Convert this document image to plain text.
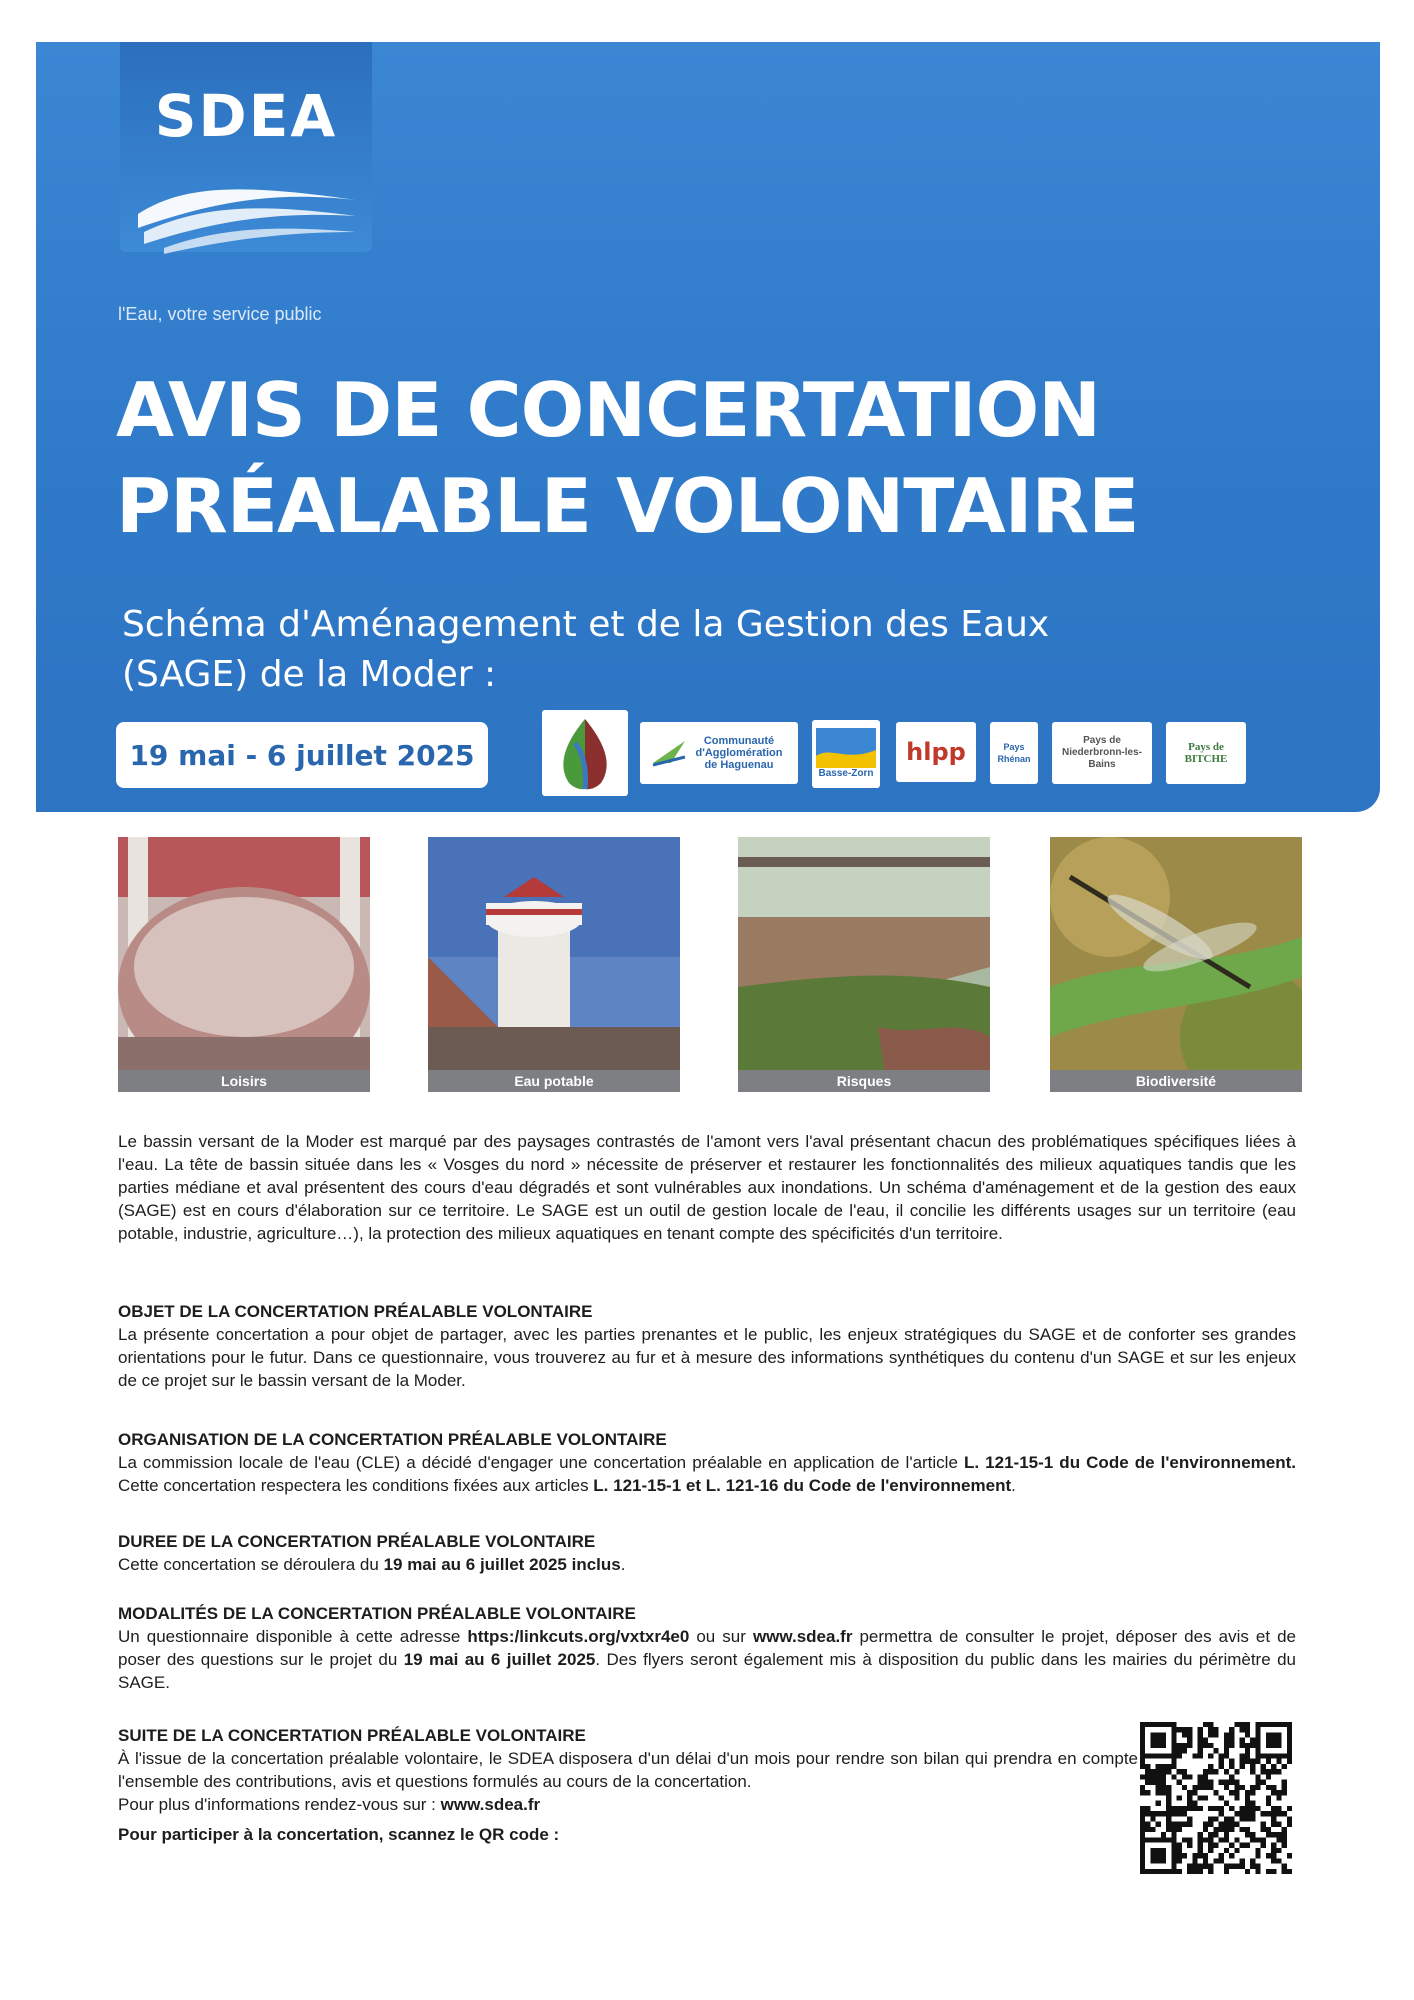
SDEA
l'Eau, votre service public
AVIS DE CONCERTATION
PRÉALABLE VOLONTAIRE
Schéma d'Aménagement et de la Gestion des Eaux
(SAGE) de la Moder :
19 mai - 6 juillet 2025	Communauté d'Agglomération de Haguenau
Basse-Zorn
hlpp	Pays Rhénan
Pays de Niederbronn-les-Bains
Pays de BITCHE
Loisirs	Eau potable	Risques	Biodiversité
Le bassin versant de la Moder est marqué par des paysages contrastés de l'amont vers l'aval présentant chacun des problématiques spécifiques liées à l'eau. La tête de bassin située dans les « Vosges du nord » nécessite de préserver et restaurer les fonctionnalités des milieux aquatiques tandis que les parties médiane et aval présentent des cours d'eau dégradés et sont vulnérables aux inondations. Un schéma d'aménagement et de la gestion des eaux (SAGE) est en cours d'élaboration sur ce territoire. Le SAGE est un outil de gestion locale de l'eau, il concilie les différents usages sur un territoire (eau potable, industrie, agriculture…), la protection des milieux aquatiques en tenant compte des spécificités d'un territoire.

OBJET DE LA CONCERTATION PRÉALABLE VOLONTAIRE

La présente concertation a pour objet de partager, avec les parties prenantes et le public, les enjeux stratégiques du SAGE et de conforter ses grandes orientations pour le futur. Dans ce questionnaire, vous trouverez au fur et à mesure des informations synthétiques du contenu d'un SAGE et sur les enjeux de ce projet sur le bassin versant de la Moder.

ORGANISATION DE LA CONCERTATION PRÉALABLE VOLONTAIRE

La commission locale de l'eau (CLE) a décidé d'engager une concertation préalable en application de l'article L. 121-15-1 du Code de l'environnement. Cette concertation respectera les conditions fixées aux articles L. 121-15-1 et L. 121-16 du Code de l'environnement.

DUREE DE LA CONCERTATION PRÉALABLE VOLONTAIRE

Cette concertation se déroulera du 19 mai au 6 juillet 2025 inclus.

MODALITÉS DE LA CONCERTATION PRÉALABLE VOLONTAIRE

Un questionnaire disponible à cette adresse https:/linkcuts.org/vxtxr4e0 ou sur www.sdea.fr permettra de consulter le projet, déposer des avis et de poser des questions sur le projet du 19 mai au 6 juillet 2025. Des flyers seront également mis à disposition du public dans les mairies du périmètre du SAGE.

SUITE DE LA CONCERTATION PRÉALABLE VOLONTAIRE

À l'issue de la concertation préalable volontaire, le SDEA disposera d'un délai d'un mois pour rendre son bilan qui prendra en compte l'ensemble des contributions, avis et questions formulés au cours de la concertation.

Pour plus d'informations rendez-vous sur : www.sdea.fr

Pour participer à la concertation, scannez le QR code :
